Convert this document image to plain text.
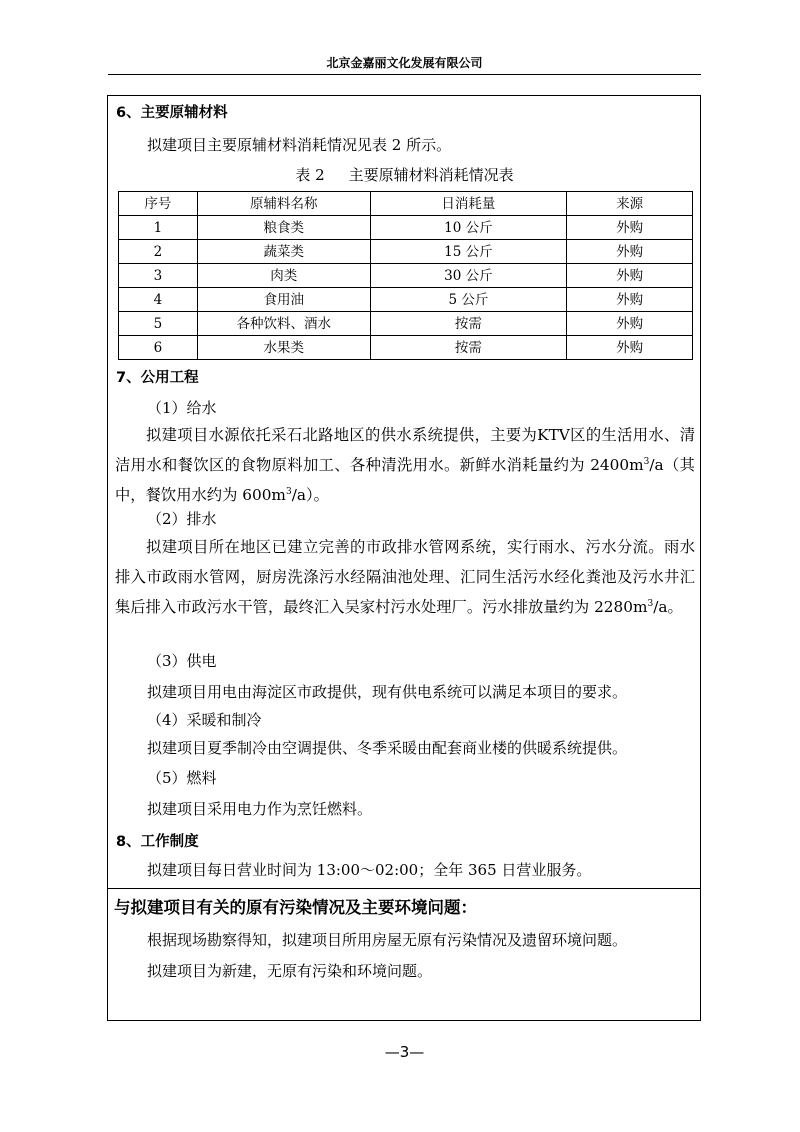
北京金嘉丽文化发展有限公司
6、主要原辅材料
拟建项目主要原辅材料消耗情况见表 2 所示。
表 2 主要原辅材料消耗情况表
序号	原辅料名称	日消耗量	来源
1	粮食类	10 公斤	外购
2	蔬菜类	15 公斤	外购
3	肉类	30 公斤	外购
4	食用油	5 公斤	外购
5	各种饮料、酒水	按需	外购
6	水果类	按需	外购
7、公用工程
（1）给水

拟建项目水源依托采石北路地区的供水系统提供，主要为KTV区的生活用水、清洁用水和餐饮区的食物原料加工、各种清洗用水。新鲜水消耗量约为 $2400m^3/a$（其中，餐饮用水约为 $600m^3/a$）。

（2）排水

拟建项目所在地区已建立完善的市政排水管网系统，实行雨水、污水分流。雨水排入市政雨水管网，厨房洗涤污水经隔油池处理、汇同生活污水经化粪池及污水井汇集后排入市政污水干管，最终汇入吴家村污水处理厂。污水排放量约为 $2280m^3/a$。

（3）供电
拟建项目用电由海淀区市政提供，现有供电系统可以满足本项目的要求。
（4）采暖和制冷
拟建项目夏季制冷由空调提供、冬季采暖由配套商业楼的供暖系统提供。
（5）燃料
拟建项目采用电力作为烹饪燃料。
8、工作制度
拟建项目每日营业时间为 13:00～02:00；全年 365 日营业服务。
与拟建项目有关的原有污染情况及主要环境问题：
根据现场勘察得知，拟建项目所用房屋无原有污染情况及遗留环境问题。
拟建项目为新建，无原有污染和环境问题。
—3—
